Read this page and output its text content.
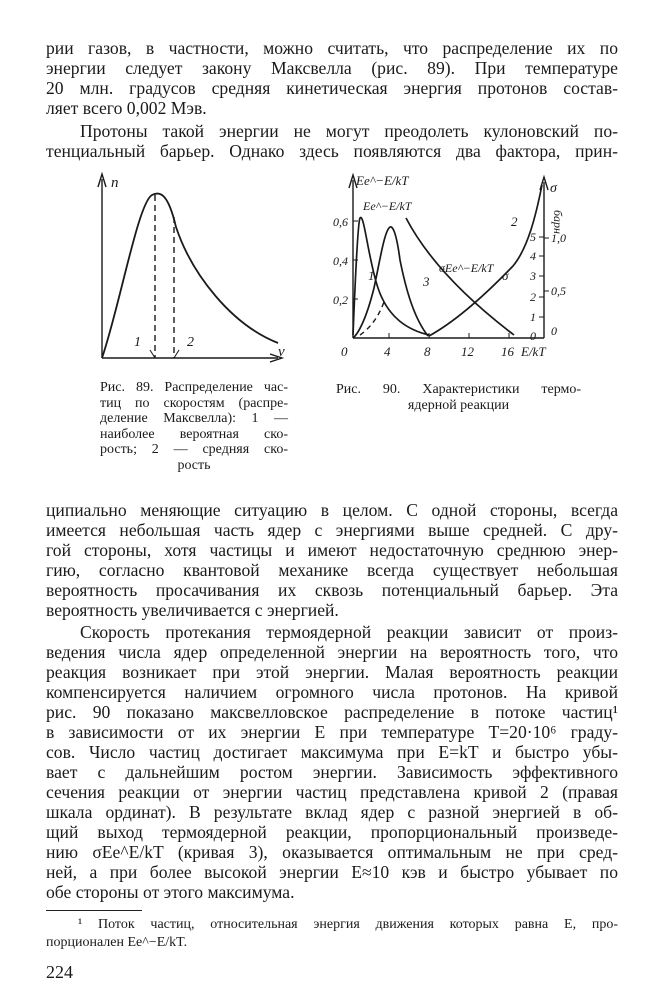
рии газов, в частности, можно считать, что распределение их по
энергии следует закону Максвелла (рис. 89). При температуре
20 млн. градусов средняя кинетическая энергия протонов состав-
ляет всего 0,002 Мэв.
Протоны такой энергии не могут преодолеть кулоновский по-
тенциальный барьер. Однако здесь появляются два фактора, прин-
n
v
1	2
Рис. 89. Распределение час-
тиц по скоростям (распре-
деление Максвелла): 1 —
наиболее вероятная ско-
рость; 2 — средняя ско-
рость
Ee^−E/kT
σ
барн
E/kT
Ee^−E/kT
σEe^−E/kT σ
1
2
3
0	4	8 12 16
0,6
0,4
0,2
5
4
3
2
1
0
1,0
0,5
0
Рис. 90. Характеристики термо-
ядерной реакции
ципиально меняющие ситуацию в целом. С одной стороны, всегда
имеется небольшая часть ядер с энергиями выше средней. С дру-
гой стороны, хотя частицы и имеют недостаточную среднюю энер-
гию, согласно квантовой механике всегда существует небольшая
вероятность просачивания их сквозь потенциальный барьер. Эта
вероятность увеличивается с энергией.
Скорость протекания термоядерной реакции зависит от произ-
ведения числа ядер определенной энергии на вероятность того, что
реакция возникает при этой энергии. Малая вероятность реакции
компенсируется наличием огромного числа протонов. На кривой
рис. 90 показано максвелловское распределение в потоке частиц¹
в зависимости от их энергии E при температуре T=20·10⁶ граду-
сов. Число частиц достигает максимума при E=kT и быстро убы-
вает с дальнейшим ростом энергии. Зависимость эффективного
сечения реакции от энергии частиц представлена кривой 2 (правая
шкала ординат). В результате вклад ядер с разной энергией в об-
щий выход термоядерной реакции, пропорциональный произведе-
нию σEe^E/kT (кривая 3), оказывается оптимальным не при сред-
ней, а при более высокой энергии E≈10 кэв и быстро убывает по
обе стороны от этого максимума.
¹ Поток частиц, относительная энергия движения которых равна E, про-
порционален Ee^−E/kT.
224
